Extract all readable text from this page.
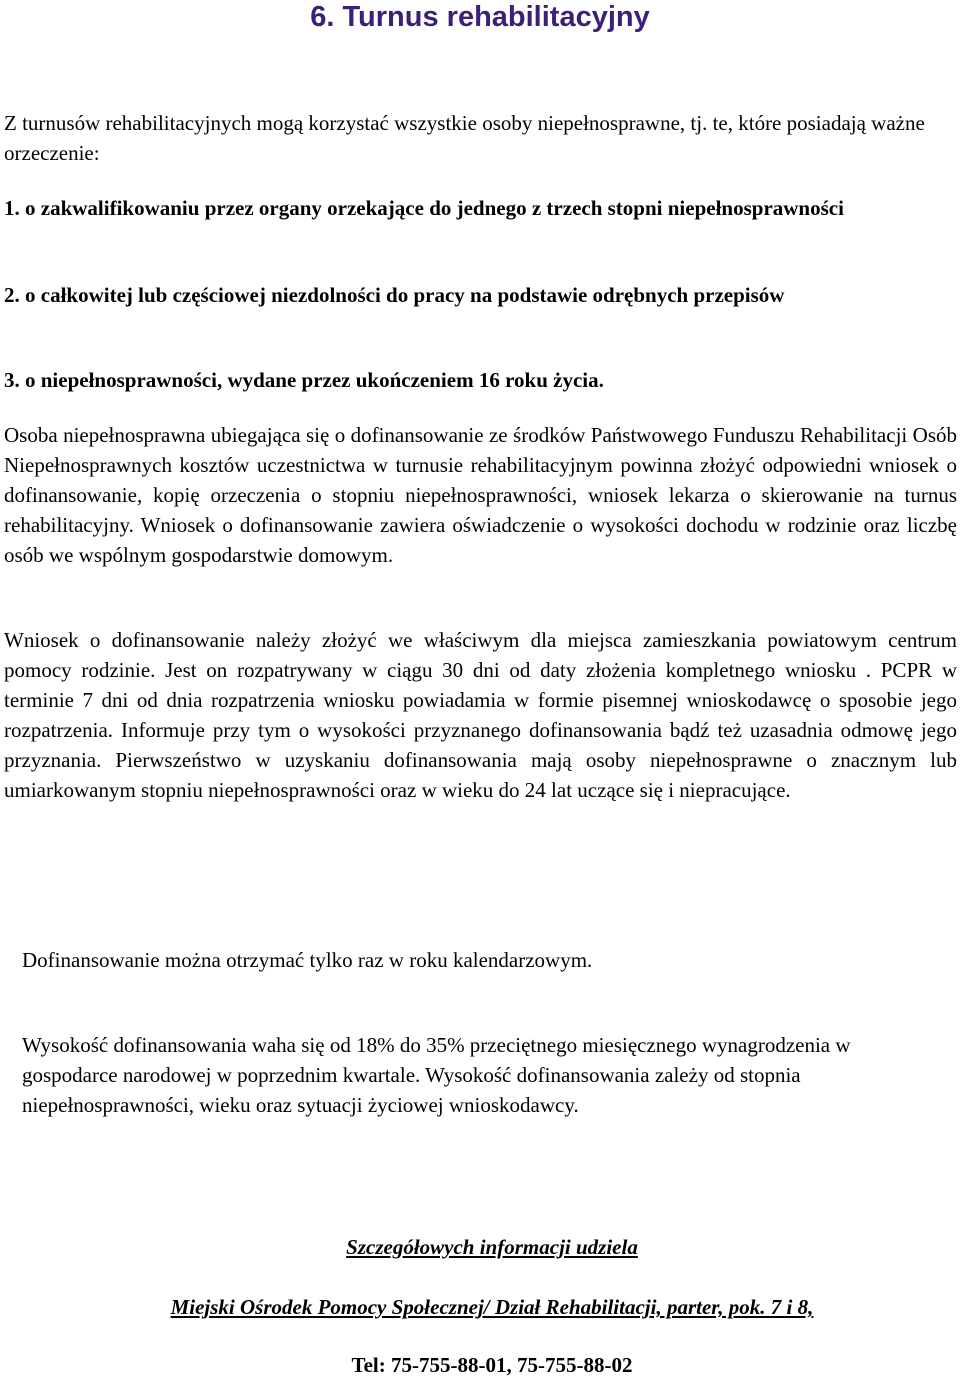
6. Turnus rehabilitacyjny

Z turnusów rehabilitacyjnych mogą korzystać wszystkie osoby niepełnosprawne, tj. te, które posiadają ważne orzeczenie:

1. o zakwalifikowaniu przez organy orzekające do jednego z trzech stopni niepełnosprawności

2. o całkowitej lub częściowej niezdolności do pracy na podstawie odrębnych przepisów

3. o niepełnosprawności, wydane przez ukończeniem 16 roku życia.

Osoba niepełnosprawna ubiegająca się o dofinansowanie ze środków Państwowego Funduszu Rehabilitacji Osób Niepełnosprawnych kosztów uczestnictwa w turnusie rehabilitacyjnym powinna złożyć odpowiedni wniosek o dofinansowanie, kopię orzeczenia o stopniu niepełnosprawności, wniosek lekarza o skierowanie na turnus rehabilitacyjny. Wniosek o dofinansowanie zawiera oświadczenie o wysokości dochodu w rodzinie oraz liczbę osób we wspólnym gospodarstwie domowym.

Wniosek o dofinansowanie należy złożyć we właściwym dla miejsca zamieszkania powiatowym centrum pomocy rodzinie. Jest on rozpatrywany w ciągu 30 dni od daty złożenia kompletnego wniosku . PCPR w terminie 7 dni od dnia rozpatrzenia wniosku powiadamia w formie pisemnej wnioskodawcę o sposobie jego rozpatrzenia. Informuje przy tym o wysokości przyznanego dofinansowania bądź też uzasadnia odmowę jego przyznania. Pierwszeństwo w uzyskaniu dofinansowania mają osoby niepełnosprawne o znacznym lub umiarkowanym stopniu niepełnosprawności oraz w wieku do 24 lat uczące się i niepracujące.

Dofinansowanie można otrzymać tylko raz w roku kalendarzowym.

Wysokość dofinansowania waha się od 18% do 35% przeciętnego miesięcznego wynagrodzenia w gospodarce narodowej w poprzednim kwartale. Wysokość dofinansowania zależy od stopnia niepełnosprawności, wieku oraz sytuacji życiowej wnioskodawcy.

Szczegółowych informacji udziela

Miejski Ośrodek Pomocy Społecznej/ Dział Rehabilitacji, parter, pok. 7 i 8,

Tel: 75-755-88-01, 75-755-88-02
